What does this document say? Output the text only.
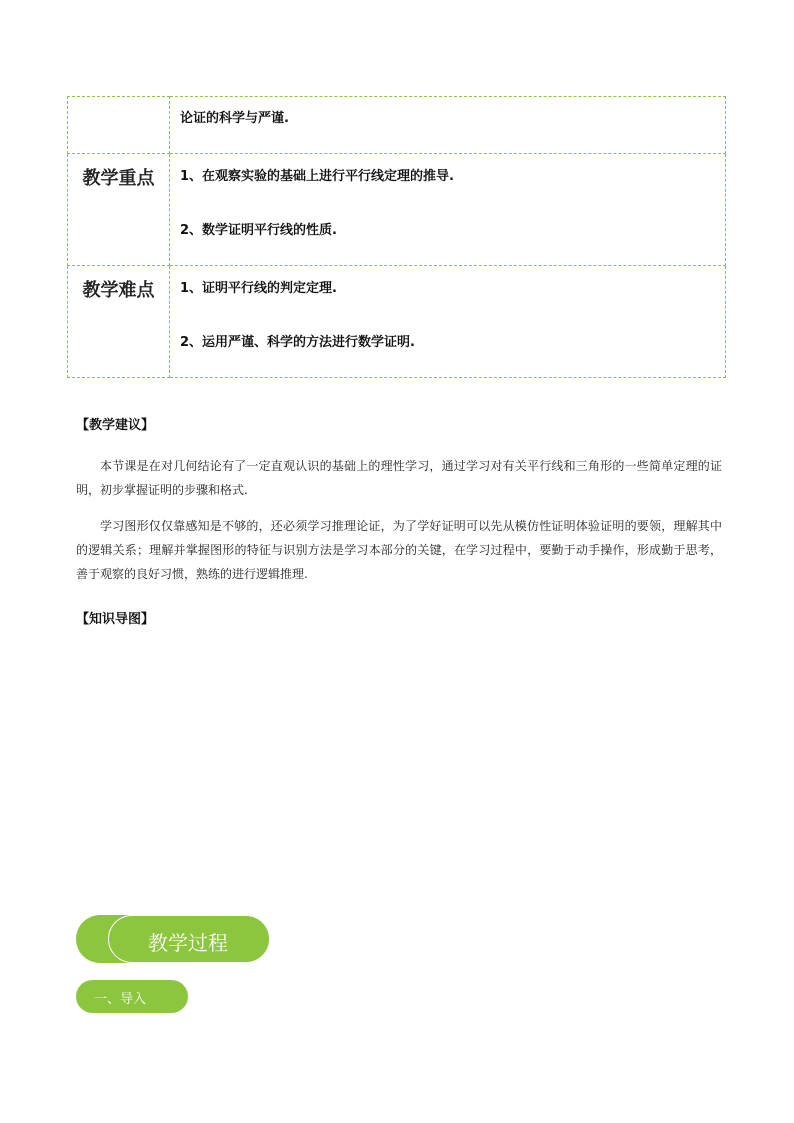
	论证的科学与严谨.

教学重点	1、在观察实验的基础上进行平行线定理的推导.
2、数学证明平行线的性质.

教学难点	1、证明平行线的判定定理.
2、运用严谨、科学的方法进行数学证明.
【教学建议】

本节课是在对几何结论有了一定直观认识的基础上的理性学习，通过学习对有关平行线和三角形的一些简单定理的证明，初步掌握证明的步骤和格式.

学习图形仅仅靠感知是不够的，还必须学习推理论证，为了学好证明可以先从模仿性证明体验证明的要领，理解其中的逻辑关系；理解并掌握图形的特征与识别方法是学习本部分的关键，在学习过程中，要勤于动手操作，形成勤于思考，善于观察的良好习惯，熟练的进行逻辑推理.

【知识导图】
教学过程
一、导入
